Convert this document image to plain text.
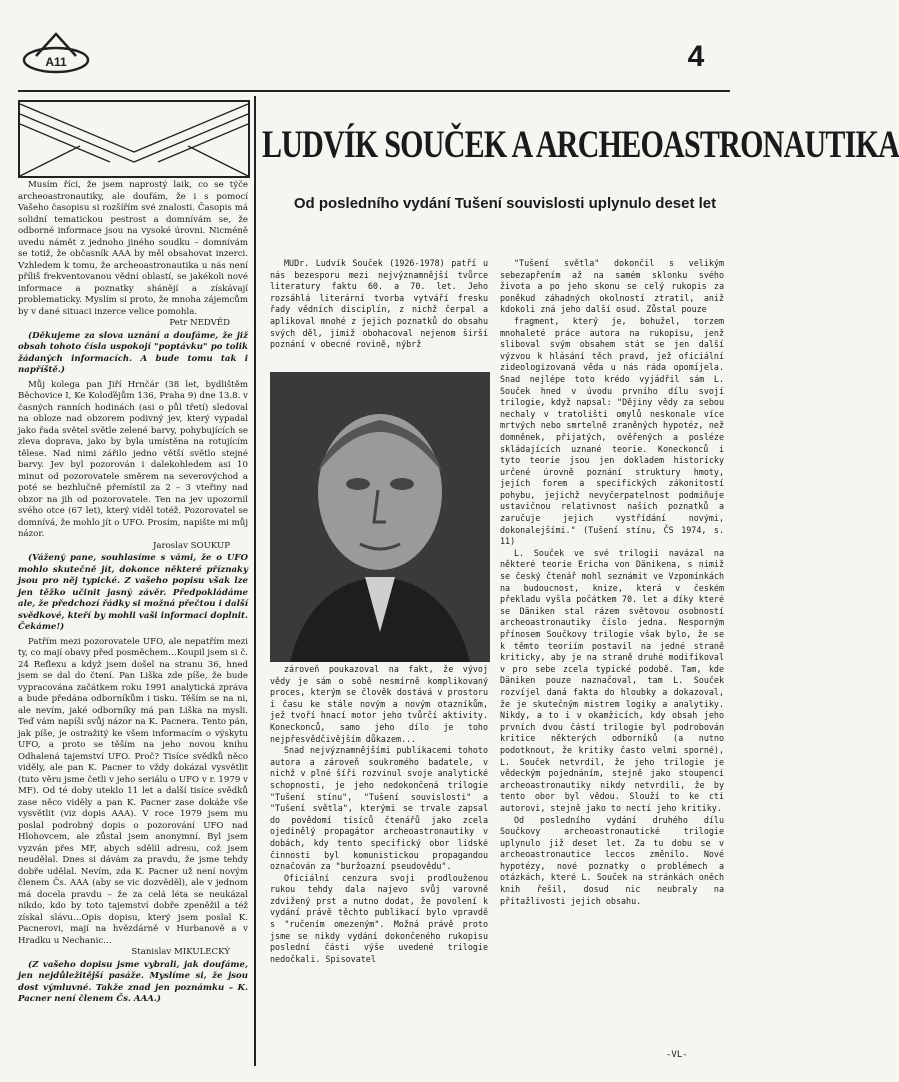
A11	4

Musím říci, že jsem naprostý laik, co se týče archeoastronautiky, ale doufám, že i s pomocí Vašeho časopisu si rozšířím své znalosti. Časopis má solidní tematickou pestrost a domnívám se, že odborné informace jsou na vysoké úrovni. Nicméně uvedu námět z jednoho jiného soudku – domnívám se totiž, že občasník AAA by měl obsahovat inzerci. Vzhledem k tomu, že archeoastronautika u nás není příliš frekventovanou vědní oblastí, se jakékoli nové informace a poznatky shánějí a získávají problematicky. Myslím si proto, že mnoha zájemcům by v dané situaci inzerce velice pomohla.

Petr NEDVĚD

(Děkujeme za slova uznání a doufáme, že již obsah tohoto čísla uspokojí "poptávku" po tolik žádaných informacích. A bude tomu tak i napříště.)

Můj kolega pan Jiří Hrnčár (38 let, bydlištěm Běchovice I, Ke Koloďějům 136, Praha 9) dne 13.8. v časných ranních hodinách (asi o půl třetí) sledoval na obloze nad obzorem podivný jev, který vypadal jako řada světel světle zelené barvy, pohybujících se zleva doprava, jako by byla umístěna na rotujícím tělese. Nad nimi zářilo jedno větší světlo stejné barvy. Jev byl pozorován i dalekohledem asi 10 minut od pozorovatele směrem na severovýchod a poté se bezhlučně přemístil za 2 – 3 vteřiny nad obzor na jih od pozorovatele. Ten na jev upozornil svého otce (67 let), který viděl totéž. Pozorovatel se domnívá, že mohlo jít o UFO. Prosím, napište mi můj názor.

Jaroslav SOUKUP

(Vážený pane, souhlasíme s vámi, že o UFO mohlo skutečně jít, dokonce některé příznaky jsou pro něj typické. Z vašeho popisu však lze jen těžko učinit jasný závěr. Předpokládáme ale, že předchozí řádky si možná přečtou i další svědkové, kteří by mohli vaši informaci doplnit. Čekáme!)

Patřím mezi pozorovatele UFO, ale nepatřím mezi ty, co mají obavy před posměchem…Koupil jsem si č. 24 Reflexu a když jsem došel na stranu 36, hned jsem se dal do čtení. Pan Liška zde píše, že bude vypracována začátkem roku 1991 analytická zpráva a bude předána odborníkům i tisku. Těším se na ni, ale nevím, jaké odborníky má pan Liška na mysli. Teď vám napíši svůj názor na K. Pacnera. Tento pán, jak píše, je ostražitý ke všem informacím o výskytu UFO, a proto se těším na jeho novou knihu Odhalená tajemství UFO. Proč? Tisíce svědků něco viděly, ale pan K. Pacner to vždy dokázal vysvětlit (tuto věru jsme četli v jeho seriálu o UFO v r. 1979 v MF). Od té doby uteklo 11 let a další tisíce svědků zase něco viděly a pan K. Pacner zase dokáže vše vysvětlit (viz dopis AAA). V roce 1979 jsem mu poslal podrobný dopis o pozorování UFO nad Hlohovcem, ale zůstal jsem anonymní. Byl jsem vyzván přes MF, abych sdělil adresu, což jsem neudělal. Dnes si dávám za pravdu, že jsme tehdy dobře udělal. Nevím, zda K. Pacner už není novým členem Čs. AAA (aby se vic dozvěděl), ale v jednom má docela pravdu – že za celá léta se neukázal nikdo, kdo by toto tajemství dobře zpeněžil a též získal slávu…Opis dopisu, který jsem poslal K. Pacnerovi, mají na hvězdárně v Hurbanově a v Hradku u Nechanic…

Stanislav MIKULECKÝ

(Z vašeho dopisu jsme vybrali, jak doufáme, jen nejdůležitější pasáže. Myslíme si, že jsou dost výmluvné. Takže znad jen poznámku – K. Pacner není členem Čs. AAA.)

LUDVÍK SOUČEK A ARCHEOASTRONAUTIKA
Od posledního vydání Tušení souvislosti uplynulo deset let

MUDr. Ludvík Souček (1926-1978) patří u nás bezesporu mezi nejvýznamnější tvůrce literatury faktu 60. a 70. let. Jeho rozsáhlá literární tvorba vytváří fresku řady vědních disciplín, z nichž čerpal a aplikoval mnohé z jejich poznatků do obsahu svých děl, jimiž obohacoval nejenom širší poznání v obecné rovině, nýbrž

zároveň poukazoval na fakt, že vývoj vědy je sám o sobě nesmírně komplikovaný proces, kterým se člověk dostává v prostoru i času ke stále novým a novým otazníkům, jež tvoří hnací motor jeho tvůrčí aktivity. Koneckonců, samo jeho dílo je toho nejpřesvědčivějším důkazem...

Snad nejvýznamnějšími publikacemi tohoto autora a zároveň soukromého badatele, v nichž v plné šíři rozvinul svoje analytické schopnosti, je jeho nedokončená trilogie "Tušení stínu", "Tušení souvislosti" a "Tušení světla", kterými se trvale zapsal do povědomí tisíců čtenářů jako zcela ojedinělý propagátor archeoastronautiky v dobách, kdy tento specifický obor lidské činnosti byl komunistickou propagandou označován za "buržoazní pseudovědu".

Oficiální cenzura svoji prodlouženou rukou tehdy dala najevo svůj varovně zdvižený prst a nutno dodat, že povolení k vydání právě těchto publikací bylo vpravdě s "ručením omezeným". Možná právě proto jsme se nikdy vydání dokončeného rukopisu poslední části výše uvedené trilogie nedočkali. Spisovatel

"Tušení světla" dokončil s velikým sebezapřením až na samém sklonku svého života a po jeho skonu se celý rukopis za poněkud záhadných okolností ztratil, aniž kdokoli zná jeho další osud. Zůstal pouze

fragment, který je, bohužel, torzem mnohaleté práce autora na rukopisu, jenž sliboval svým obsahem stát se jen další výzvou k hlásání těch pravd, jež oficiální zideologizovaná věda u nás ráda opomíjela. Snad nejlépe toto krédo vyjádřil sám L. Souček hned v úvodu prvního dílu svojí trilogie, když napsal: "Dějiny vědy za sebou nechaly v tratolišti omylů neskonale více mrtvých nebo smrtelně zraněných hypotéz, než domněnek, přijatých, ověřených a posléze skládajících uznané teorie. Koneckonců i tyto teorie jsou jen dokladem historicky určené úrovně poznání struktury hmoty, jejích forem a specifických zákonitostí pohybu, jejichž nevyčerpatelnost podmiňuje ustavičnou relativnost našich poznatků a zaručuje jejich vystřídání novými, dokonalejšími." (Tušení stínu, ČS 1974, s. 11)

L. Souček ve své trilogii navázal na některé teorie Ericha von Dänikena, s nimiž se český čtenář mohl seznámit ve Vzpomínkách na budoucnost, knize, která v českém překladu vyšla počátkem 70. let a díky které se Däniken stal rázem světovou osobností archeoastronautiky číslo jedna. Nesporným přínosem Součkovy trilogie však bylo, že se k těmto teoriím postavil na jedné straně kriticky, aby je na straně druhé modifikoval v pro sebe zcela typické podobě. Tam, kde Däniken pouze naznačoval, tam L. Souček rozvíjel daná fakta do hloubky a dokazoval, že je skutečným mistrem logiky a analytiky. Nikdy, a to i v okamžicích, kdy obsah jeho prvních dvou částí trilogie byl podrobován kritice některých odborníků (a nutno podotknout, že kritiky často velmi sporné), L. Souček netvrdil, že jeho trilogie je vědeckým pojednáním, stejně jako stoupenci archeoastronautiky nikdy netvrdili, že by tento obor byl vědou. Slouží to ke cti autorovi, stejně jako to nectí jeho kritiky.

Od posledního vydání druhého dílu Součkovy archeoastronautické trilogie uplynulo již deset let. Za tu dobu se v archeoastronautice leccos změnilo. Nové hypotézy, nové poznatky o problémech a otázkách, které L. Souček na stránkách oněch knih řešil, dosud nic neubraly na přitažlivosti jejich obsahu.

-VL-
